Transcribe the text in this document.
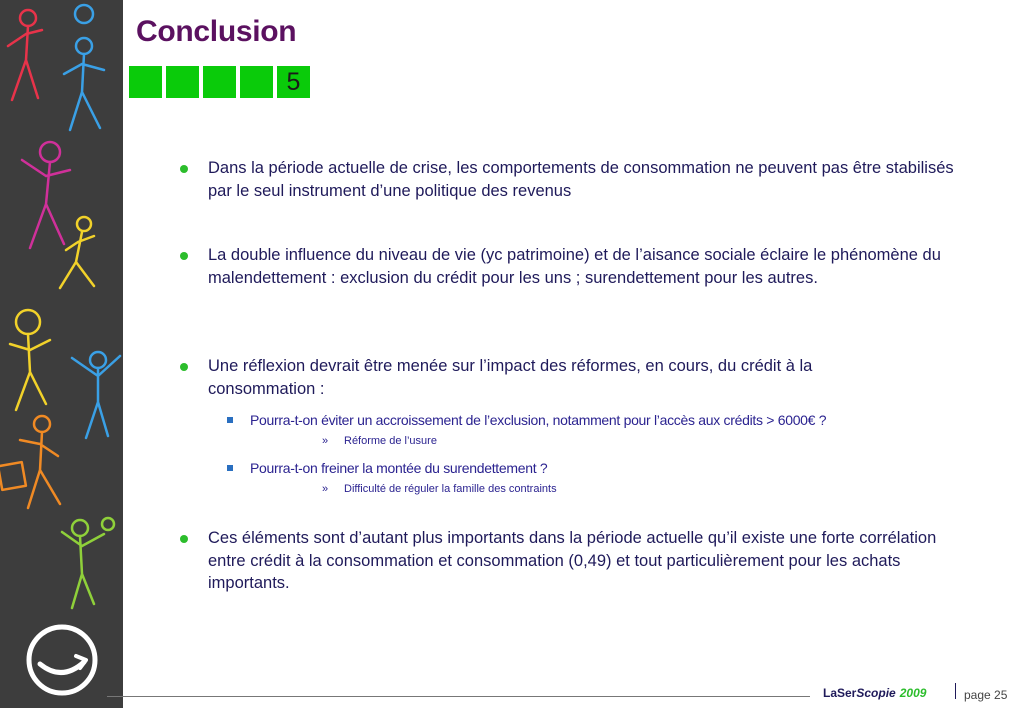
Conclusion
5
Dans la période actuelle de crise, les comportements de consommation ne peuvent pas être stabilisés par le seul instrument d’une politique des revenus
La double influence du niveau de vie (yc patrimoine) et de l’aisance sociale éclaire le phénomène du malendettement : exclusion du crédit pour les uns ; surendettement pour les autres.
Une réflexion devrait être menée sur l’impact des réformes, en cours, du crédit à la consommation :
Pourra-t-on éviter un accroissement de l’exclusion, notamment pour l’accès aux crédits > 6000€ ?
» Réforme de l’usure
Pourra-t-on freiner la montée du surendettement ?
» Difficulté de réguler la famille des contraints
Ces éléments sont d’autant plus importants dans la période actuelle qu’il existe une forte corrélation entre crédit à la consommation et consommation (0,49) et tout particulièrement pour les achats importants.
LaSerScopie 2009	page 25
